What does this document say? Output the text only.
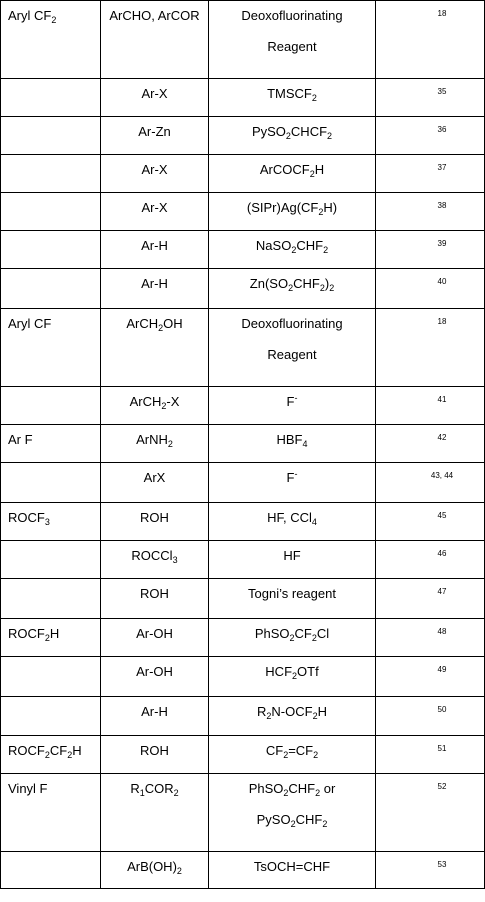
Aryl $CF_2$	ArCHO, ArCOR	Deoxofluorinating
Reagent	18

	Ar-X	$TMSCF_2$	35

	Ar-Zn	$PySO_2CHCF_2$	36

	Ar-X	ArCOCF$_2$H	37

	Ar-X	$(SIPr)Ag(CF_2H)$	38

	Ar-H	$NaSO_2CHF_2$	39

	Ar-H	$Zn(SO_2CHF_2)_2$	40

Aryl CF	ArCH$_2$OH	Deoxofluorinating
Reagent	18

	ArCH$_2$-X	F-	41

Ar F	ArNH$_2$	$HBF_4$	42

	ArX	F-	43, 44

$ROCF_3$	ROH	HF, CCl$_4$	45

	ROCCl$_3$	HF	46

	ROH	Togni’s reagent	47

$ROCF_2H$	Ar-OH	$PhSO_2CF_2Cl$	48

	Ar-OH	$HCF_2OTf$	49

	Ar-H	$R_2N-OCF_2H$	50

$ROCF_2CF_2H$	ROH	$CF_2=CF_2$	51

Vinyl F	$R_1COR_2$	$PhSO_2CHF_2$ or
$PySO_2CHF_2$	52

	$ArB(OH)_2$	TsOCH=CHF	53
